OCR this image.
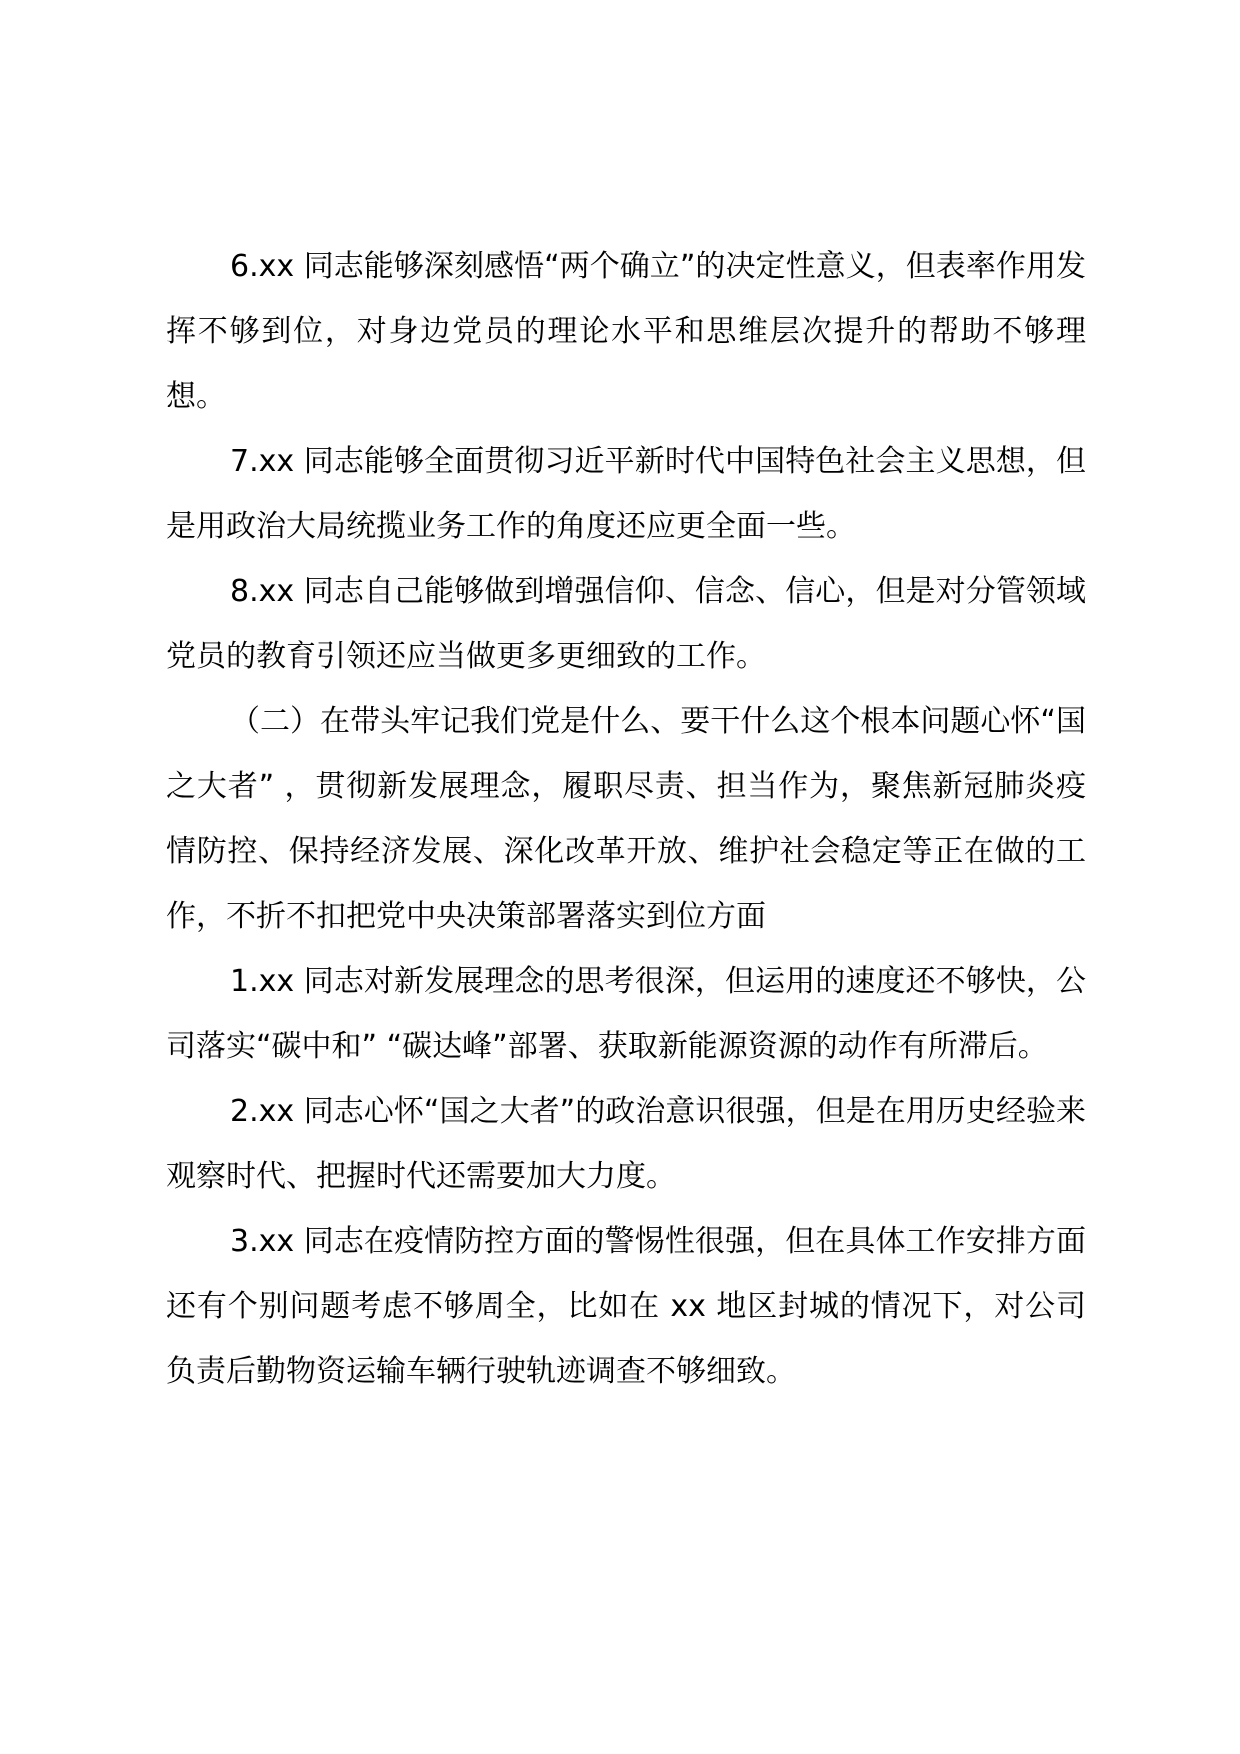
6.xx 同志能够深刻感悟“两个确立”的决定性意义，但表率作用发挥不够到位，对身边党员的理论水平和思维层次提升的帮助不够理想。

7.xx 同志能够全面贯彻习近平新时代中国特色社会主义思想，但是用政治大局统揽业务工作的角度还应更全面一些。

8.xx 同志自己能够做到增强信仰、信念、信心，但是对分管领域党员的教育引领还应当做更多更细致的工作。

（二）在带头牢记我们党是什么、要干什么这个根本问题心怀“国之大者” ，贯彻新发展理念，履职尽责、担当作为，聚焦新冠肺炎疫情防控、保持经济发展、深化改革开放、维护社会稳定等正在做的工作，不折不扣把党中央决策部署落实到位方面

1.xx 同志对新发展理念的思考很深，但运用的速度还不够快，公司落实“碳中和” “碳达峰”部署、获取新能源资源的动作有所滞后。

2.xx 同志心怀“国之大者”的政治意识很强，但是在用历史经验来观察时代、把握时代还需要加大力度。

3.xx 同志在疫情防控方面的警惕性很强，但在具体工作安排方面还有个别问题考虑不够周全，比如在 xx 地区封城的情况下，对公司负责后勤物资运输车辆行驶轨迹调查不够细致。
